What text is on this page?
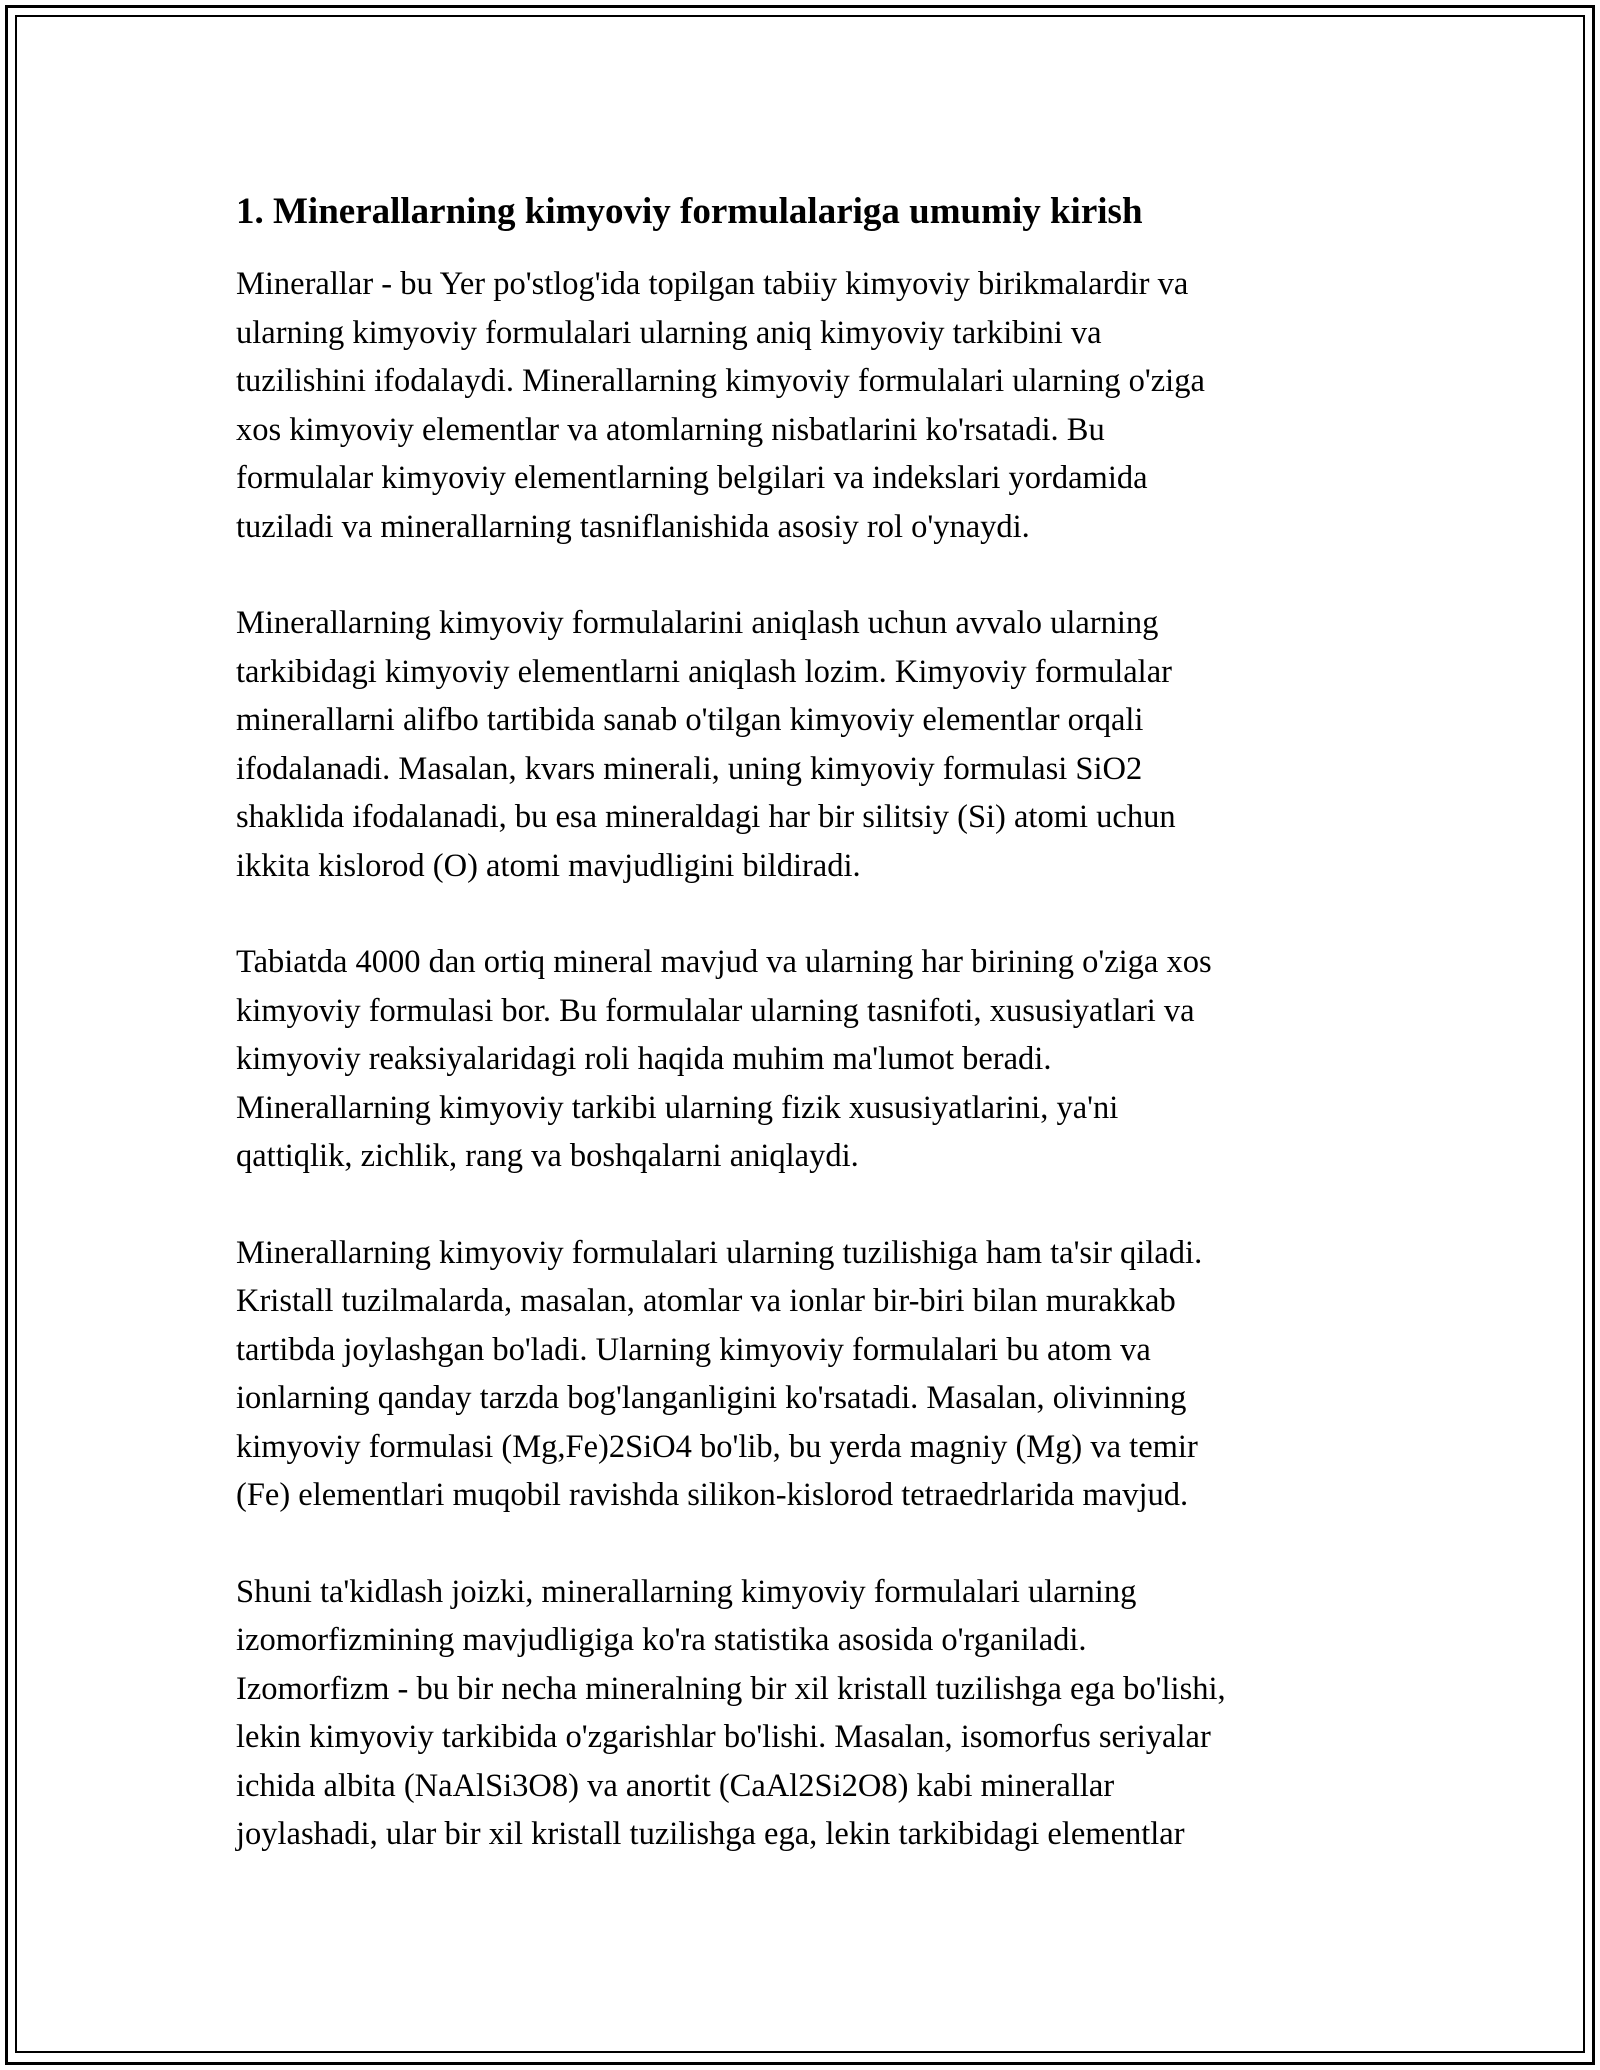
1. Minerallarning kimyoviy formulalariga umumiy kirish
Minerallar - bu Yer po'stlog'ida topilgan tabiiy kimyoviy birikmalardir va
ularning kimyoviy formulalari ularning aniq kimyoviy tarkibini va
tuzilishini ifodalaydi. Minerallarning kimyoviy formulalari ularning o'ziga
xos kimyoviy elementlar va atomlarning nisbatlarini ko'rsatadi. Bu
formulalar kimyoviy elementlarning belgilari va indekslari yordamida
tuziladi va minerallarning tasniflanishida asosiy rol o'ynaydi.
Minerallarning kimyoviy formulalarini aniqlash uchun avvalo ularning
tarkibidagi kimyoviy elementlarni aniqlash lozim. Kimyoviy formulalar
minerallarni alifbo tartibida sanab o'tilgan kimyoviy elementlar orqali
ifodalanadi. Masalan, kvars minerali, uning kimyoviy formulasi SiO2
shaklida ifodalanadi, bu esa mineraldagi har bir silitsiy (Si) atomi uchun
ikkita kislorod (O) atomi mavjudligini bildiradi.
Tabiatda 4000 dan ortiq mineral mavjud va ularning har birining o'ziga xos
kimyoviy formulasi bor. Bu formulalar ularning tasnifoti, xususiyatlari va
kimyoviy reaksiyalaridagi roli haqida muhim ma'lumot beradi.
Minerallarning kimyoviy tarkibi ularning fizik xususiyatlarini, ya'ni
qattiqlik, zichlik, rang va boshqalarni aniqlaydi.
Minerallarning kimyoviy formulalari ularning tuzilishiga ham ta'sir qiladi.
Kristall tuzilmalarda, masalan, atomlar va ionlar bir-biri bilan murakkab
tartibda joylashgan bo'ladi. Ularning kimyoviy formulalari bu atom va
ionlarning qanday tarzda bog'langanligini ko'rsatadi. Masalan, olivinning
kimyoviy formulasi (Mg,Fe)2SiO4 bo'lib, bu yerda magniy (Mg) va temir
(Fe) elementlari muqobil ravishda silikon-kislorod tetraedrlarida mavjud.
Shuni ta'kidlash joizki, minerallarning kimyoviy formulalari ularning
izomorfizmining mavjudligiga ko'ra statistika asosida o'rganiladi.
Izomorfizm - bu bir necha mineralning bir xil kristall tuzilishga ega bo'lishi,
lekin kimyoviy tarkibida o'zgarishlar bo'lishi. Masalan, isomorfus seriyalar
ichida albita (NaAlSi3O8) va anortit (CaAl2Si2O8) kabi minerallar
joylashadi, ular bir xil kristall tuzilishga ega, lekin tarkibidagi elementlar
